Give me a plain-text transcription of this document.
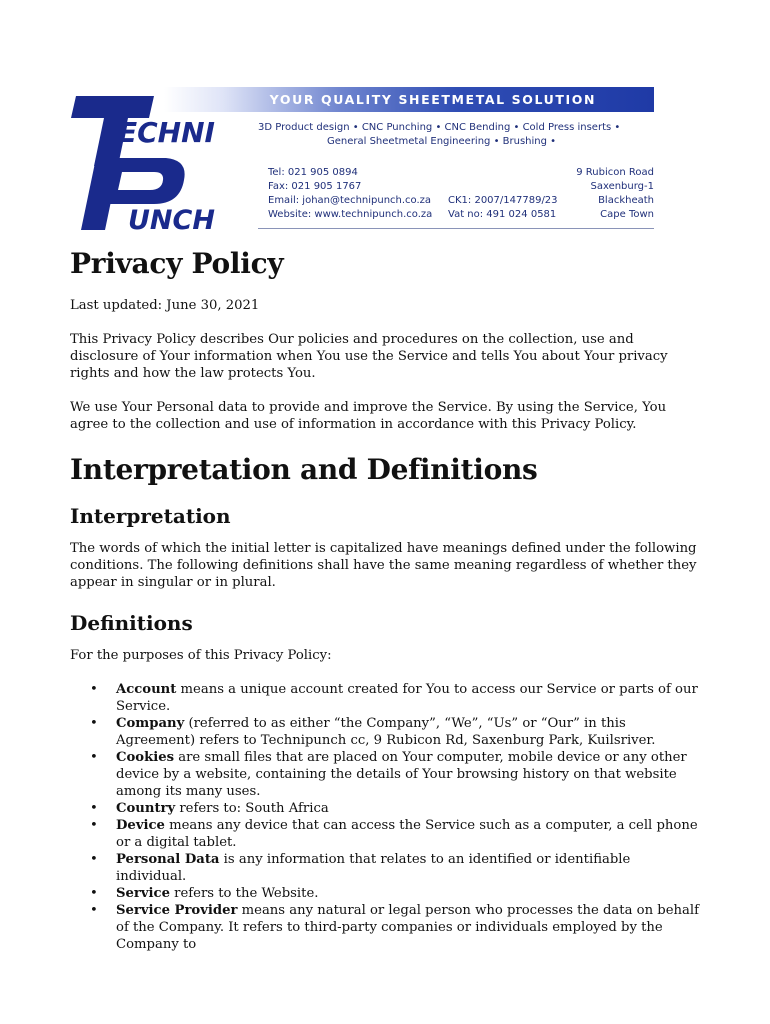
ECHNI
UNCH
YOUR QUALITY SHEETMETAL SOLUTION
3D Product design • CNC Punching • CNC Bending • Cold Press inserts •
General Sheetmetal Engineering • Brushing •
Tel: 021 905 0894
Fax: 021 905 1767
Email: johan@technipunch.co.za
Website: www.technipunch.co.za
CK1: 2007/147789/23
Vat no: 491 024 0581
9 Rubicon Road
Saxenburg-1
Blackheath
Cape Town
Privacy Policy

Last updated: June 30, 2021

This Privacy Policy describes Our policies and procedures on the collection, use and disclosure of Your information when You use the Service and tells You about Your privacy rights and how the law protects You.

We use Your Personal data to provide and improve the Service. By using the Service, You agree to the collection and use of information in accordance with this Privacy Policy.

Interpretation and Definitions
Interpretation

The words of which the initial letter is capitalized have meanings defined under the following conditions. The following definitions shall have the same meaning regardless of whether they appear in singular or in plural.

Definitions

For the purposes of this Privacy Policy:

• Account means a unique account created for You to access our Service or parts of our Service.
• Company (referred to as either “the Company”, “We”, “Us” or “Our” in this Agreement) refers to Technipunch cc, 9 Rubicon Rd, Saxenburg Park, Kuilsriver.
• Cookies are small files that are placed on Your computer, mobile device or any other device by a website, containing the details of Your browsing history on that website among its many uses.
• Country refers to: South Africa
• Device means any device that can access the Service such as a computer, a cell phone or a digital tablet.
• Personal Data is any information that relates to an identified or identifiable individual.
• Service refers to the Website.
• Service Provider means any natural or legal person who processes the data on behalf of the Company. It refers to third-party companies or individuals employed by the Company to
